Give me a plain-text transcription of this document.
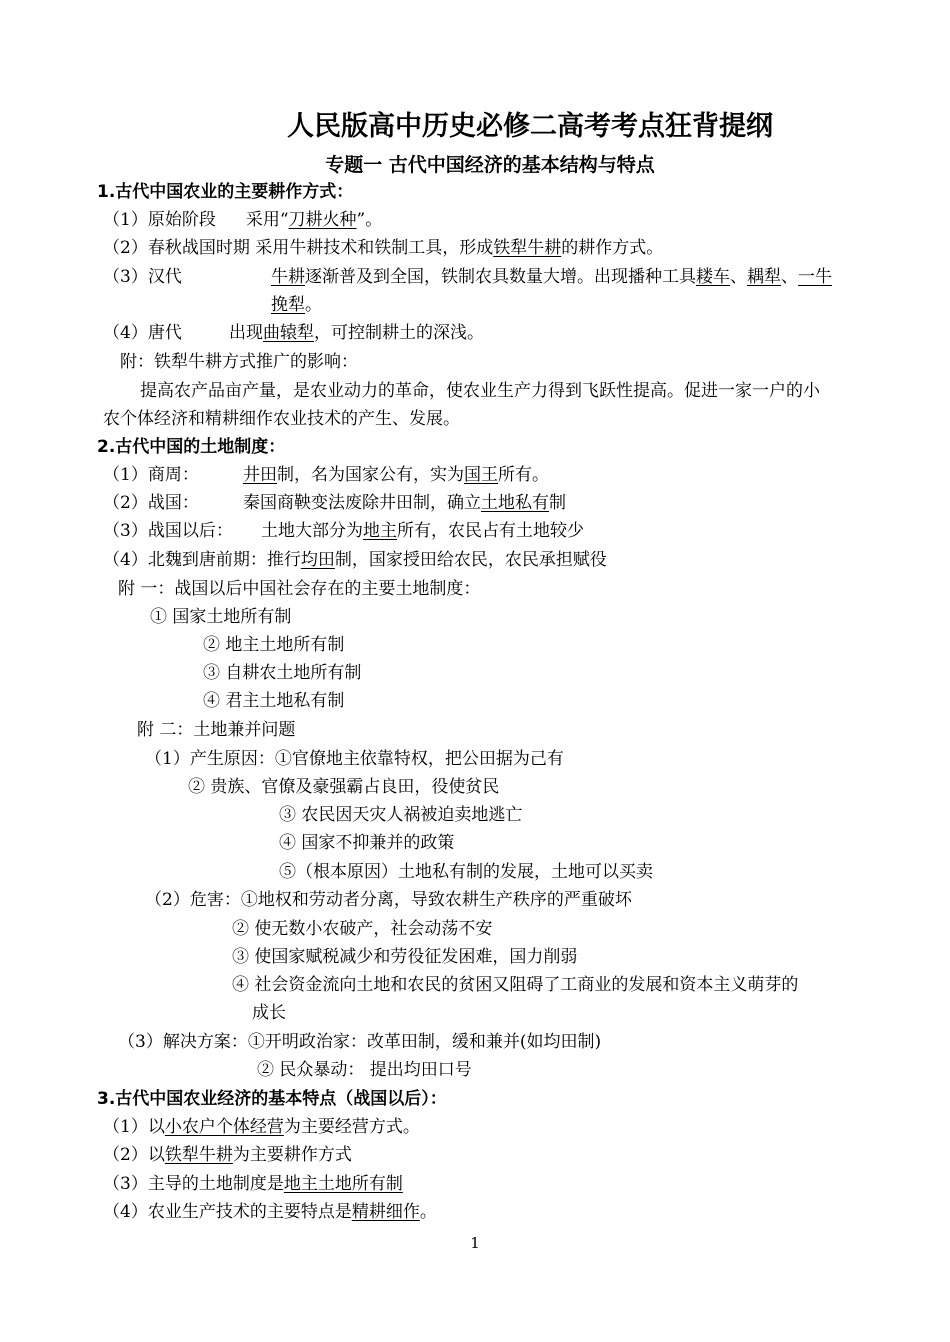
人民版高中历史必修二高考考点狂背提纲
专题一 古代中国经济的基本结构与特点
1.古代中国农业的主要耕作方式：
（1）原始阶段 采用“刀耕火种”。
（2）春秋战国时期 采用牛耕技术和铁制工具，形成铁犁牛耕的耕作方式。
（3）汉代	牛耕逐渐普及到全国，铁制农具数量大增。出现播种工具耧车、耦犁、一牛
挽犁。
（4）唐代	出现曲辕犁，可控制耕土的深浅。
附：铁犁牛耕方式推广的影响：
提高农产品亩产量，是农业动力的革命，使农业生产力得到飞跃性提高。促进一家一户的小
农个体经济和精耕细作农业技术的产生、发展。
2.古代中国的土地制度：
（1）商周：	井田制，名为国家公有，实为国王所有。
（2）战国：	秦国商鞅变法废除井田制，确立土地私有制
（3）战国以后： 土地大部分为地主所有，农民占有土地较少
（4）北魏到唐前期：推行均田制，国家授田给农民，农民承担赋役
附 一：战国以后中国社会存在的主要土地制度：
① 国家土地所有制
② 地主土地所有制
③ 自耕农土地所有制
④ 君主土地私有制
附 二：土地兼并问题
（1）产生原因：①官僚地主依靠特权，把公田据为己有
② 贵族、官僚及豪强霸占良田，役使贫民
③ 农民因天灾人祸被迫卖地逃亡
④ 国家不抑兼并的政策
⑤（根本原因）土地私有制的发展，土地可以买卖
（2）危害：①地权和劳动者分离，导致农耕生产秩序的严重破坏
② 使无数小农破产，社会动荡不安
③ 使国家赋税减少和劳役征发困难，国力削弱
④ 社会资金流向土地和农民的贫困又阻碍了工商业的发展和资本主义萌芽的
成长
（3）解决方案：①开明政治家：改革田制，缓和兼并(如均田制)
② 民众暴动： 提出均田口号
3.古代中国农业经济的基本特点（战国以后）：
（1）以小农户个体经营为主要经营方式。
（2）以铁犁牛耕为主要耕作方式
（3）主导的土地制度是地主土地所有制
（4）农业生产技术的主要特点是精耕细作。
1
